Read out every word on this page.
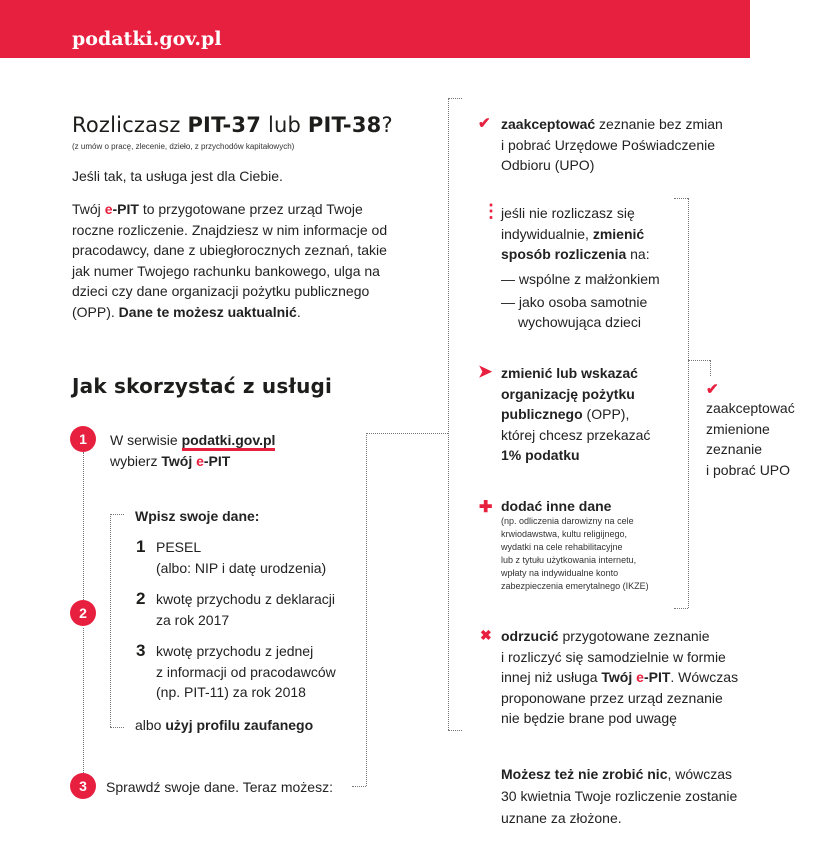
podatki.gov.pl
Rozliczasz PIT-37 lub PIT-38?
(z umów o pracę, zlecenie, dzieło, z przychodów kapitałowych)
Jeśli tak, ta usługa jest dla Ciebie.
Twój e-PIT to przygotowane przez urząd Twoje roczne rozliczenie. Znajdziesz w nim informacje od pracodawcy, dane z ubiegłorocznych zeznań, takie jak numer Twojego rachunku bankowego, ulga na dzieci czy dane organizacji pożytku publicznego (OPP). Dane te możesz uaktualnić.
Jak skorzystać z usługi
1	W serwisie podatki.gov.pl
wybierz Twój e-PIT
2
Wpisz swoje dane:
1 PESEL
(albo: NIP i datę urodzenia)
2 kwotę przychodu z deklaracji
za rok 2017
3 kwotę przychodu z jednej
z informacji od pracodawców
(np. PIT-11) za rok 2018
albo użyj profilu zaufanego
3	Sprawdź swoje dane. Teraz możesz:
✔ zaakceptować zeznanie bez zmian
i pobrać Urzędowe Poświadczenie
Odbioru (UPO)
⋮ jeśli nie rozliczasz się
indywidualnie, zmienić
sposób rozliczenia na:
— wspólne z małżonkiem
— jako osoba samotnie
wychowująca dzieci
➤ zmienić lub wskazać
organizację pożytku
publicznego (OPP),
której chcesz przekazać
1% podatku
✚ dodać inne dane
(np. odliczenia darowizny na cele
krwiodawstwa, kultu religijnego,
wydatki na cele rehabilitacyjne
lub z tytułu użytkowania internetu,
wpłaty na indywidualne konto
zabezpieczenia emerytalnego (IKZE)
✖ odrzucić przygotowane zeznanie
i rozliczyć się samodzielnie w formie
innej niż usługa Twój e-PIT. Wówczas
proponowane przez urząd zeznanie
nie będzie brane pod uwagę
✔
zaakceptować
zmienione
zeznanie
i pobrać UPO
Możesz też nie zrobić nic, wówczas
30 kwietnia Twoje rozliczenie zostanie
uznane za złożone.
